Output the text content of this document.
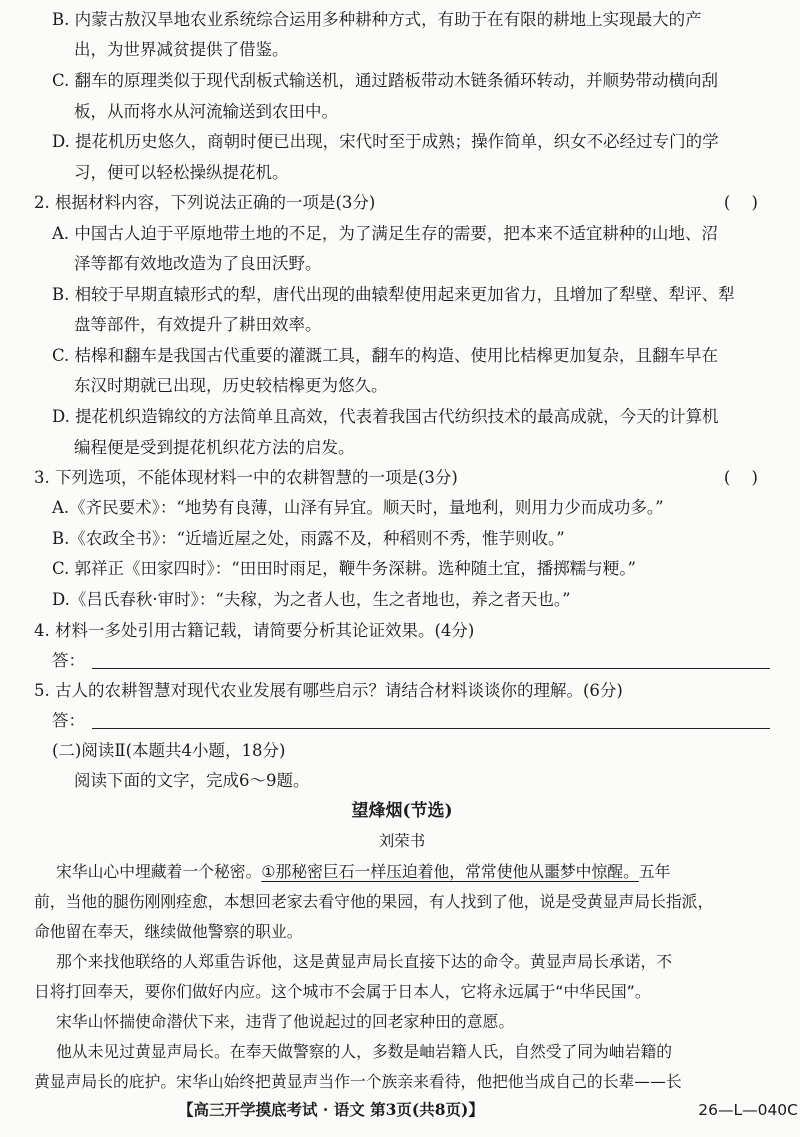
B. 内蒙古敖汉旱地农业系统综合运用多种耕种方式，有助于在有限的耕地上实现最大的产
出，为世界减贫提供了借鉴。
C. 翻车的原理类似于现代刮板式输送机，通过踏板带动木链条循环转动，并顺势带动横向刮
板，从而将水从河流输送到农田中。
D. 提花机历史悠久，商朝时便已出现，宋代时至于成熟；操作简单，织女不必经过专门的学
习，便可以轻松操纵提花机。
2. 根据材料内容，下列说法正确的一项是(3分)	( )
A. 中国古人迫于平原地带土地的不足，为了满足生存的需要，把本来不适宜耕种的山地、沼
泽等都有效地改造为了良田沃野。
B. 相较于早期直辕形式的犁，唐代出现的曲辕犁使用起来更加省力，且增加了犁壁、犁评、犁
盘等部件，有效提升了耕田效率。
C. 桔槔和翻车是我国古代重要的灌溉工具，翻车的构造、使用比桔槔更加复杂，且翻车早在
东汉时期就已出现，历史较桔槔更为悠久。
D. 提花机织造锦纹的方法简单且高效，代表着我国古代纺织技术的最高成就，今天的计算机
编程便是受到提花机织花方法的启发。
3. 下列选项，不能体现材料一中的农耕智慧的一项是(3分)	( )
A.《齐民要术》：“地势有良薄，山泽有异宜。顺天时，量地利，则用力少而成功多。”
B.《农政全书》：“近墙近屋之处，雨露不及，种稻则不秀，惟芋则收。”
C. 郭祥正《田家四时》：“田田时雨足，鞭牛务深耕。选种随土宜，播掷糯与粳。”
D.《吕氏春秋·审时》：“夫稼，为之者人也，生之者地也，养之者天也。”
4. 材料一多处引用古籍记载，请简要分析其论证效果。(4分)
答：
5. 古人的农耕智慧对现代农业发展有哪些启示？请结合材料谈谈你的理解。(6分)
答：
(二)阅读Ⅱ(本题共4小题，18分)
阅读下面的文字，完成6～9题。
望烽烟(节选)
刘荣书
宋华山心中埋藏着一个秘密。①那秘密巨石一样压迫着他，常常使他从噩梦中惊醒。五年
前，当他的腿伤刚刚痊愈，本想回老家去看守他的果园，有人找到了他，说是受黄显声局长指派，
命他留在奉天，继续做他警察的职业。
那个来找他联络的人郑重告诉他，这是黄显声局长直接下达的命令。黄显声局长承诺，不
日将打回奉天，要你们做好内应。这个城市不会属于日本人，它将永远属于“中华民国”。
宋华山怀揣使命潜伏下来，违背了他说起过的回老家种田的意愿。
他从未见过黄显声局长。在奉天做警察的人，多数是岫岩籍人氏，自然受了同为岫岩籍的
黄显声局长的庇护。宋华山始终把黄显声当作一个族亲来看待，他把他当成自己的长辈——长
【高三开学摸底考试 · 语文 第3页(共8页)】	26—L—040C
